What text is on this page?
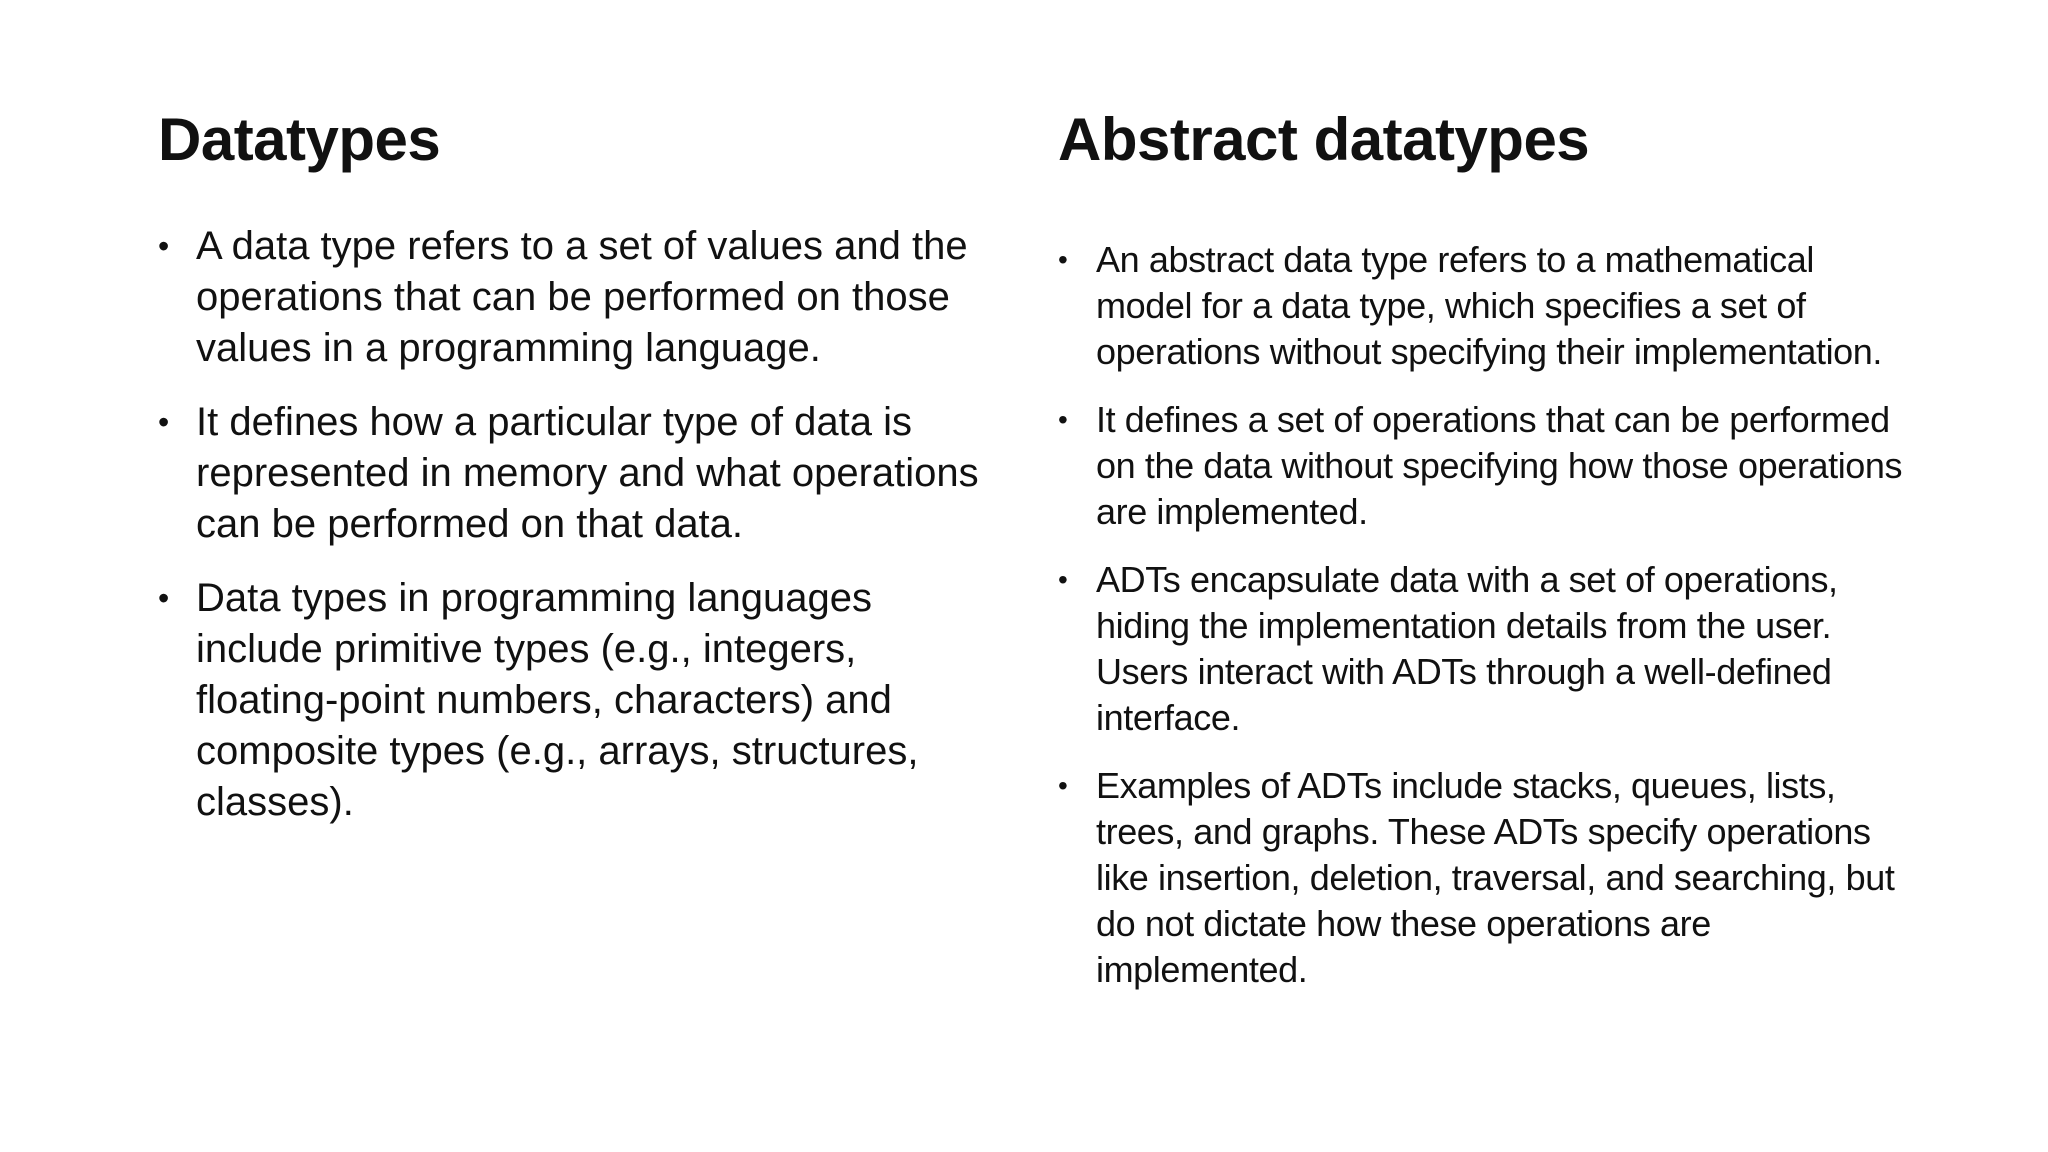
Datatypes
• A data type refers to a set of values and the operations that can be performed on those values in a programming language.
• It defines how a particular type of data is represented in memory and what operations can be performed on that data.
• Data types in programming languages include primitive types (e.g., integers, floating-point numbers, characters) and composite types (e.g., arrays, structures, classes).
Abstract datatypes
• An abstract data type refers to a mathematical model for a data type, which specifies a set of operations without specifying their implementation.
• It defines a set of operations that can be performed on the data without specifying how those operations are implemented.
• ADTs encapsulate data with a set of operations, hiding the implementation details from the user. Users interact with ADTs through a well-defined interface.
• Examples of ADTs include stacks, queues, lists, trees, and graphs. These ADTs specify operations like insertion, deletion, traversal, and searching, but do not dictate how these operations are implemented.
